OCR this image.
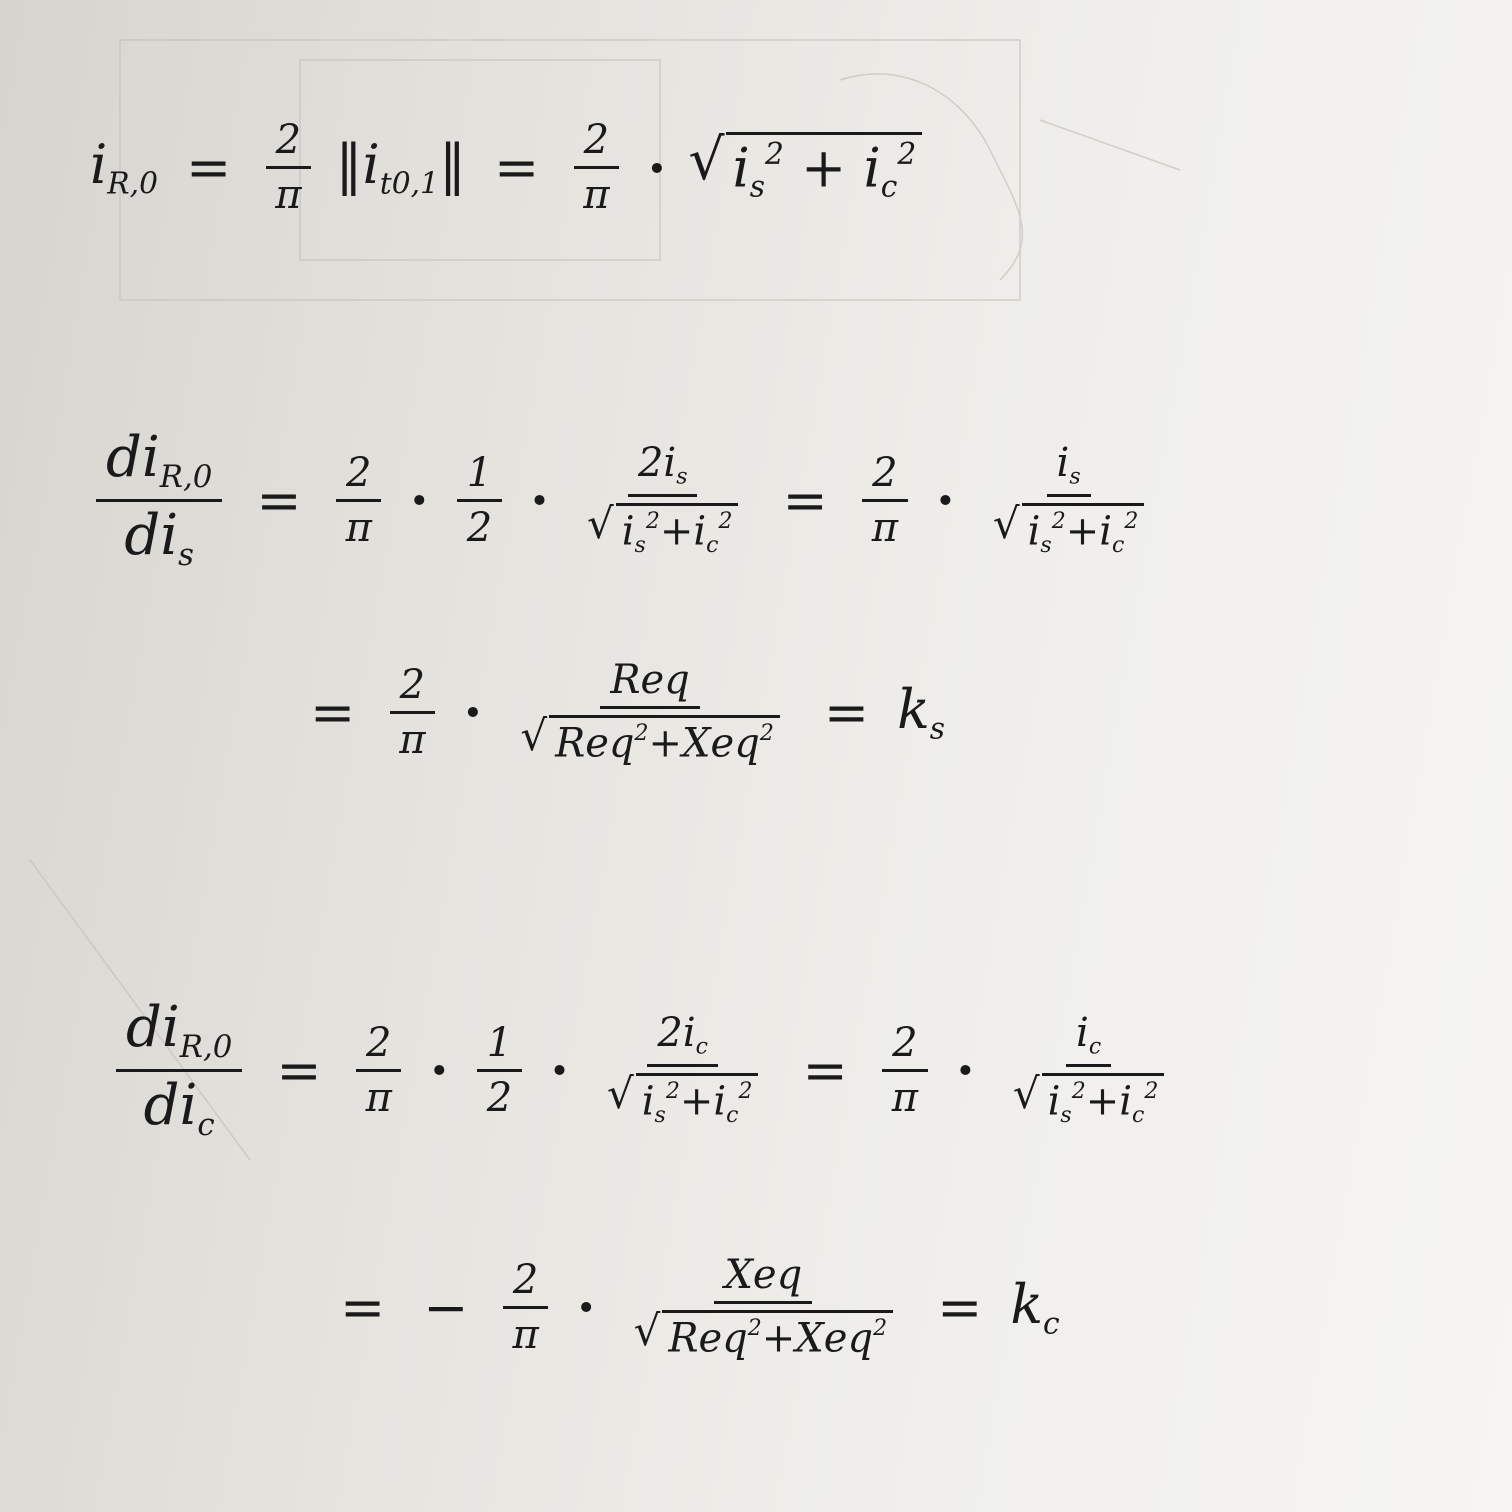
$i_{R,0} = \frac{2}{\pi}$ $‖i_{t0,1}‖ = \frac{2}{\pi}$ · √ $i_s^2 + i_c^2$
$\frac{di_{R,0}}{di_s} = \frac{2}{\pi} \cdot \frac{1}{2} \cdot \frac{2i_s}{√ i_s^2+i_c^2} = \frac{2}{\pi} \cdot \frac{i_s}{√ i_s^2+i_c^2}$
= $\frac{2}{\pi} \cdot \frac{\text{Req}}{√ Req^2+Xeq^2} = k_s$
$\frac{di_{R,0}}{di_c} = \frac{2}{\pi} \cdot \frac{1}{2} \cdot \frac{2i_c}{√ i_s^2+i_c^2} = \frac{2}{\pi} \cdot \frac{i_c}{√ i_s^2+i_c^2}$
= − $\frac{2}{\pi} \cdot \frac{\text{Xeq}}{√ Req^2+Xeq^2} = k_c$
